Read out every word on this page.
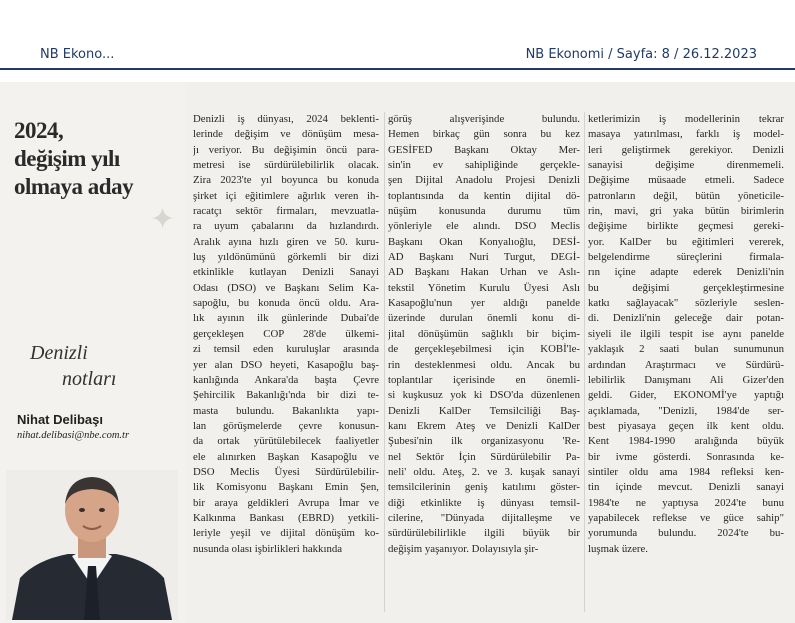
NB Ekono...	NB Ekonomi / Sayfa: 8 / 26.12.2023
2024,
değişim yılı
olmaya aday
Denizli
notları
Nihat Delibaşı
nihat.delibasi@nbe.com.tr
✦
Denizli iş dünyası, 2024 beklenti-
lerinde değişim ve dönüşüm mesa-
jı veriyor. Bu değişimin öncü para-
metresi ise sürdürülebilirlik olacak.
Zira 2023'te yıl boyunca bu konuda
şirket içi eğitimlere ağırlık veren ih-
racatçı sektör firmaları, mevzuatla-
ra uyum çabalarını da hızlandırdı.
Aralık ayına hızlı giren ve 50. kuru-
luş yıldönümünü görkemli bir dizi
etkinlikle kutlayan Denizli Sanayi
Odası (DSO) ve Başkanı Selim Ka-
sapoğlu, bu konuda öncü oldu. Ara-
lık ayının ilk günlerinde Dubai'de
gerçekleşen COP 28'de ülkemi-
zi temsil eden kuruluşlar arasında
yer alan DSO heyeti, Kasapoğlu baş-
kanlığında Ankara'da başta Çevre
Şehircilik Bakanlığı'nda bir dizi te-
masta bulundu. Bakanlıkta yapı-
lan görüşmelerde çevre konusun-
da ortak yürütülebilecek faaliyetler
ele alınırken Başkan Kasapoğlu ve
DSO Meclis Üyesi Sürdürülebilir-
lik Komisyonu Başkanı Emin Şen,
bir araya geldikleri Avrupa İmar ve
Kalkınma Bankası (EBRD) yetkili-
leriyle yeşil ve dijital dönüşüm ko-
nusunda olası işbirlikleri hakkında
görüş alışverişinde bulundu.
Hemen birkaç gün sonra bu kez
GESİFED Başkanı Oktay Mer-
sin'in ev sahipliğinde gerçekle-
şen Dijital Anadolu Projesi Denizli
toplantısında da kentin dijital dö-
nüşüm konusunda durumu tüm
yönleriyle ele alındı. DSO Meclis
Başkanı Okan Konyalıoğlu, DESİ-
AD Başkanı Nuri Turgut, DEGİ-
AD Başkanı Hakan Urhan ve Aslı-
tekstil Yönetim Kurulu Üyesi Aslı
Kasapoğlu'nun yer aldığı panelde
üzerinde durulan önemli konu di-
jital dönüşümün sağlıklı bir biçim-
de gerçekleşebilmesi için KOBİ'le-
rin desteklenmesi oldu. Ancak bu
toplantılar içerisinde en önemli-
si kuşkusuz yok ki DSO'da düzenlenen
Denizli KalDer Temsilciliği Baş-
kanı Ekrem Ateş ve Denizli KalDer
Şubesi'nin ilk organizasyonu 'Re-
nel Sektör İçin Sürdürülebilir Pa-
neli' oldu. Ateş, 2. ve 3. kuşak sanayi
temsilcilerinin geniş katılımı göster-
diği etkinlikte iş dünyası temsil-
cilerine, "Dünyada dijitalleşme ve
sürdürülebilirlikle ilgili büyük bir
değişim yaşanıyor. Dolayısıyla şir-
ketlerimizin iş modellerinin tekrar
masaya yatırılması, farklı iş model-
leri geliştirmek gerekiyor. Denizli
sanayisi değişime direnmemeli.
Değişime müsaade etmeli. Sadece
patronların değil, bütün yöneticile-
rin, mavi, gri yaka bütün birimlerin
değişime birlikte geçmesi gereki-
yor. KalDer bu eğitimleri vererek,
belgelendirme süreçlerini firmala-
rın içine adapte ederek Denizli'nin
bu değişimi gerçekleştirmesine
katkı sağlayacak" sözleriyle seslen-
di. Denizli'nin geleceğe dair potan-
siyeli ile ilgili tespit ise aynı panelde
yaklaşık 2 saati bulan sunumunun
ardından Araştırmacı ve Sürdürü-
lebilirlik Danışmanı Ali Gizer'den
geldi. Gider, EKONOMİ'ye yaptığı
açıklamada, "Denizli, 1984'de ser-
best piyasaya geçen ilk kent oldu.
Kent 1984-1990 aralığında büyük
bir ivme gösterdi. Sonrasında ke-
sintiler oldu ama 1984 refleksi ken-
tin içinde mevcut. Denizli sanayi
1984'te ne yaptıysa 2024'te bunu
yapabilecek reflekse ve güce sahip"
yorumunda bulundu. 2024'te bu-
luşmak üzere.
